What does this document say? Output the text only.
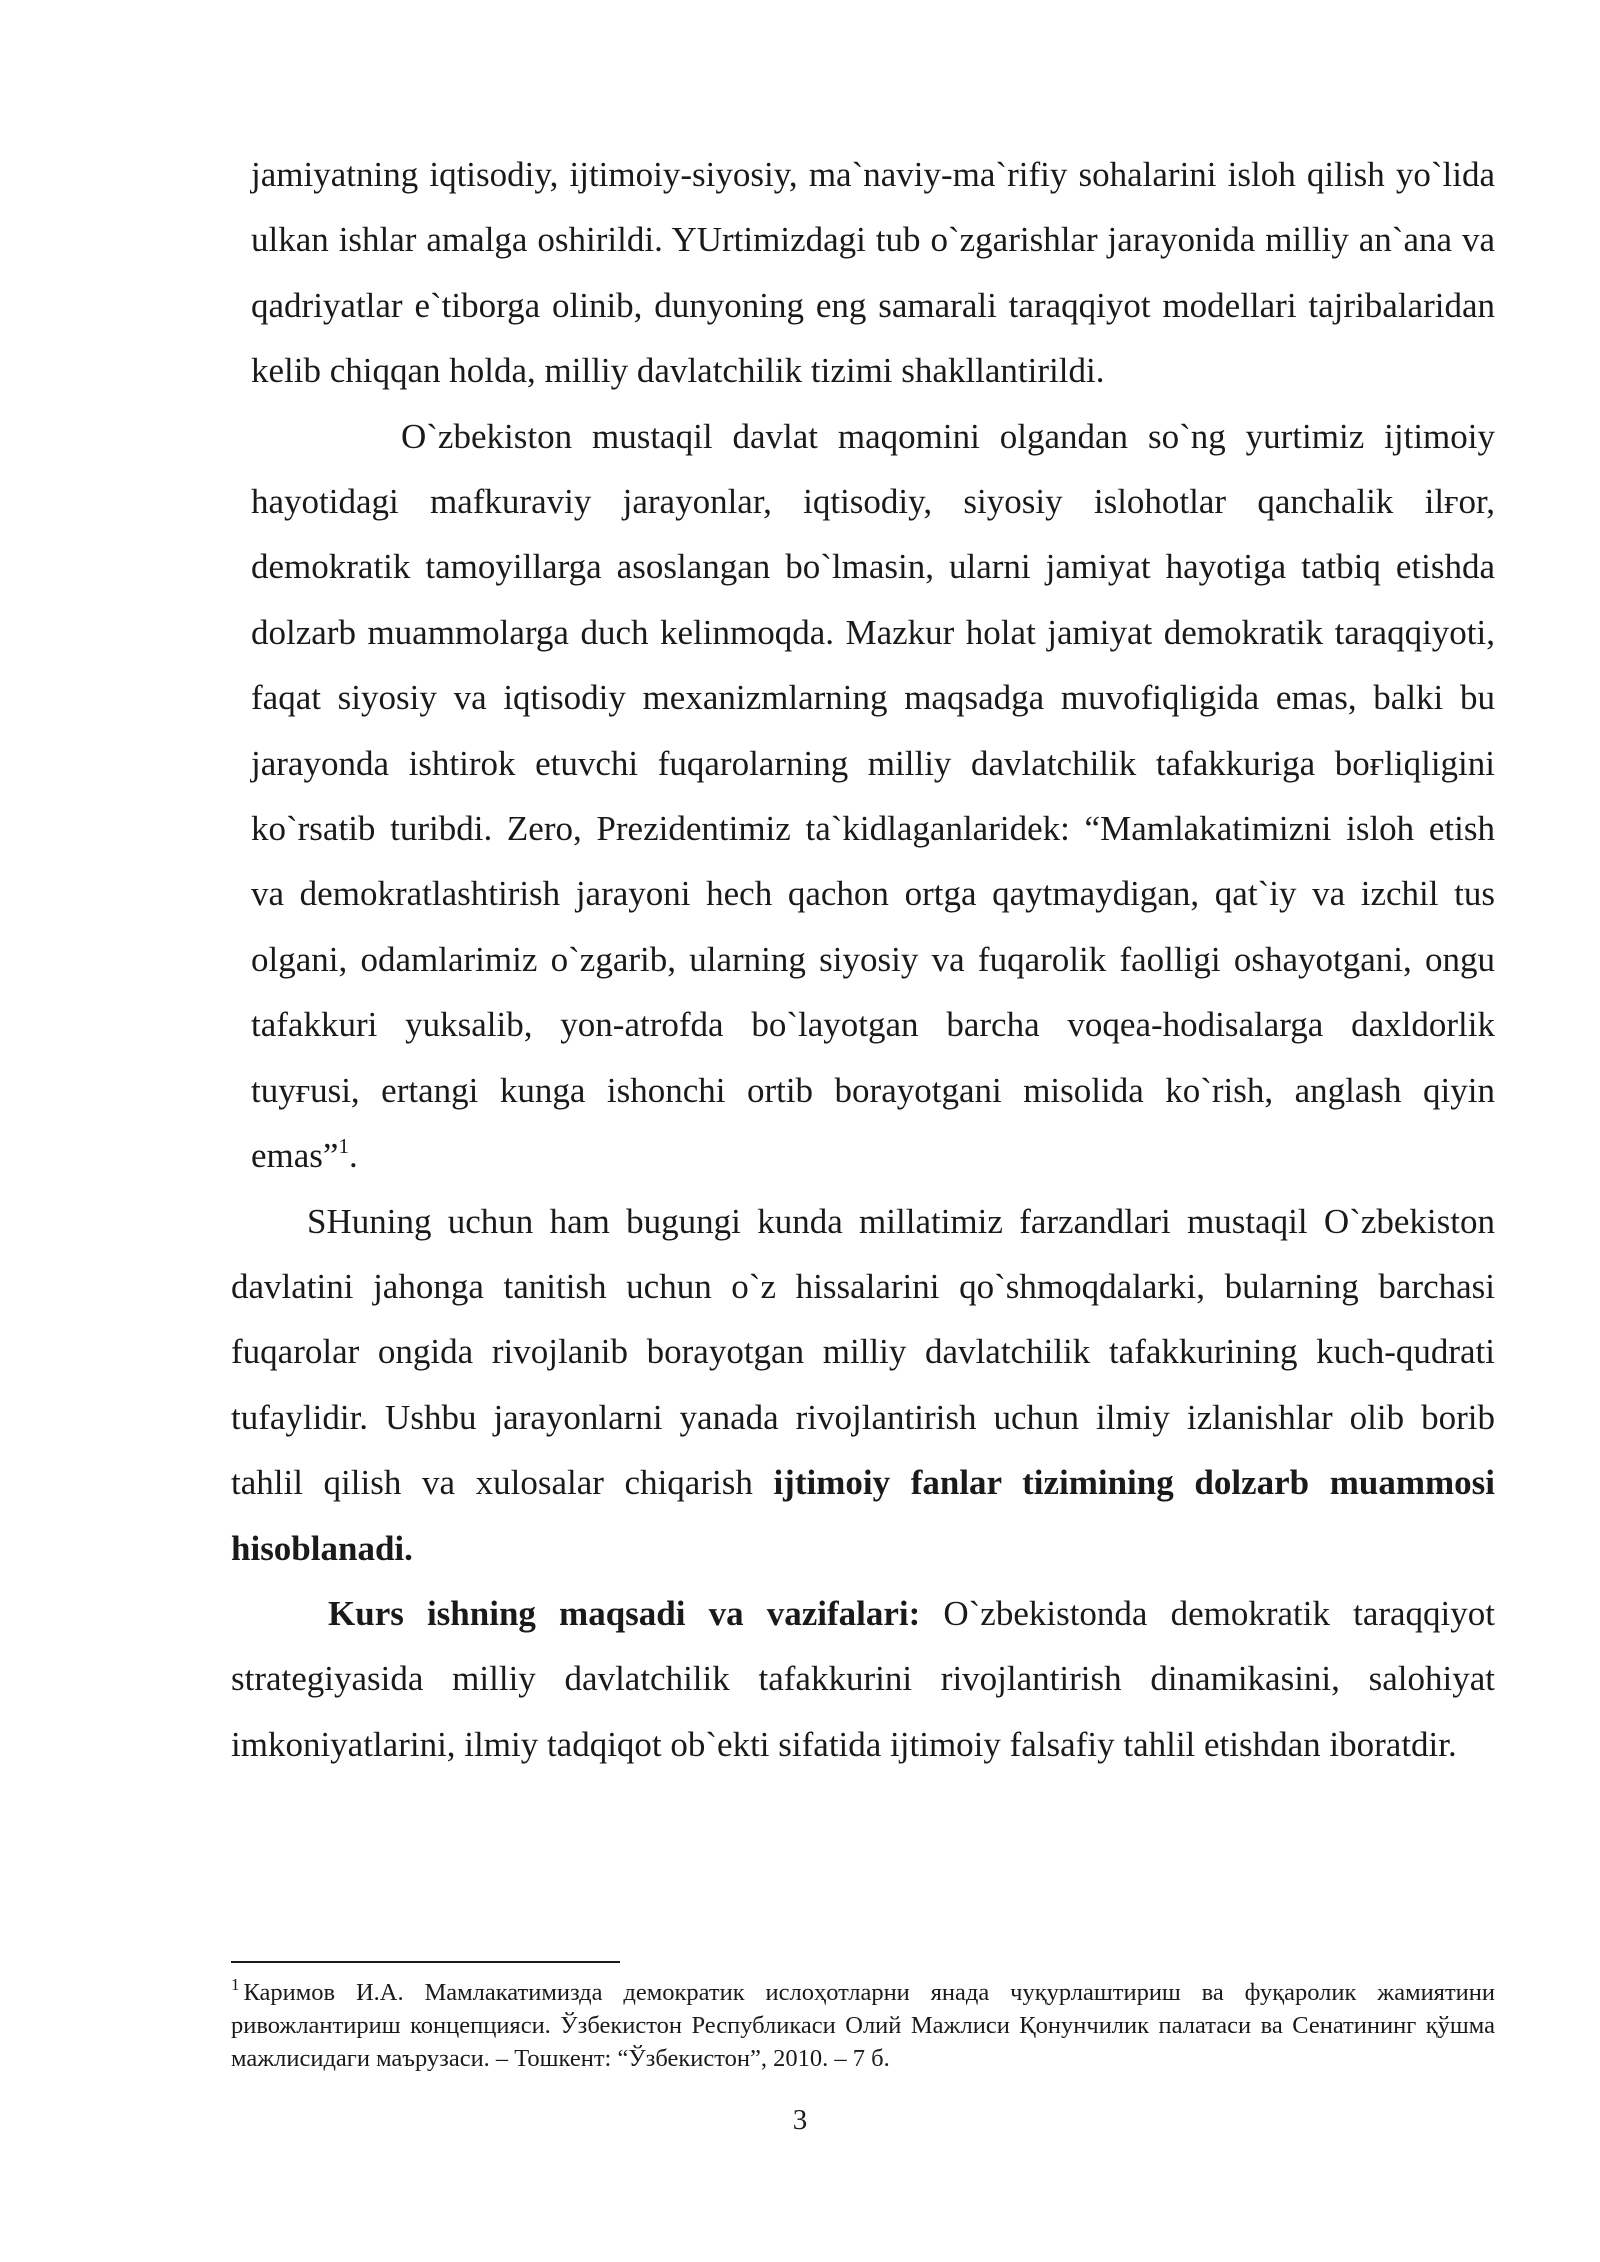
jamiyatning iqtisodiy, ijtimoiy-siyosiy, ma`naviy-ma`rifiy sohalarini isloh qilish yo`lida ulkan ishlar amalga oshirildi. YUrtimizdagi tub o`zgarishlar jarayonida milliy an`ana va qadriyatlar e`tiborga olinib, dunyoning eng samarali taraqqiyot modellari tajribalaridan kelib chiqqan holda, milliy davlatchilik tizimi shakllantirildi.

O`zbekiston mustaqil davlat maqomini olgandan so`ng yurtimiz ijtimoiy hayotidagi mafkuraviy jarayonlar, iqtisodiy, siyosiy islohotlar qanchalik ilғor, demokratik tamoyillarga asoslangan bo`lmasin, ularni jamiyat hayotiga tatbiq etishda dolzarb muammolarga duch kelinmoqda. Mazkur holat jamiyat demokratik taraqqiyoti, faqat siyosiy va iqtisodiy mexanizmlarning maqsadga muvofiqligida emas, balki bu jarayonda ishtirok etuvchi fuqarolarning milliy davlatchilik tafakkuriga boғliqligini ko`rsatib turibdi. Zero, Prezidentimiz ta`kidlaganlaridek: “Mamlakatimizni isloh etish va demokratlashtirish jarayoni hech qachon ortga qaytmaydigan, qat`iy va izchil tus olgani, odamlarimiz o`zgarib, ularning siyosiy va fuqarolik faolligi oshayotgani, ongu tafakkuri yuksalib, yon-atrofda bo`layotgan barcha voqea-hodisalarga daxldorlik tuyғusi, ertangi kunga ishonchi ortib borayotgani misolida ko`rish, anglash qiyin emas”$^1$.

SHuning uchun ham bugungi kunda millatimiz farzandlari mustaqil O`zbekiston davlatini jahonga tanitish uchun o`z hissalarini qo`shmoqdalarki, bularning barchasi fuqarolar ongida rivojlanib borayotgan milliy davlatchilik tafakkurining kuch-qudrati tufaylidir. Ushbu jarayonlarni yanada rivojlantirish uchun ilmiy izlanishlar olib borib tahlil qilish va xulosalar chiqarish ijtimoiy fanlar tizimining dolzarb muammosi hisoblanadi.

Kurs ishning maqsadi va vazifalari: O`zbekistonda demokratik taraqqiyot strategiyasida milliy davlatchilik tafakkurini rivojlantirish dinamikasini, salohiyat imkoniyatlarini, ilmiy tadqiqot ob`ekti sifatida ijtimoiy falsafiy tahlil etishdan iboratdir.

$^1$ Каримов И.А. Мамлакатимизда демократик ислоҳотларни янада чуқурлаштириш ва фуқаролик жамиятини ривожлантириш концепцияси. Ўзбекистон Республикаси Олий Мажлиси Қонунчилик палатаси ва Сенатининг қўшма мажлисидаги маърузаси. – Тошкент: “Ўзбекистон”, 2010. – 7 б.
3
